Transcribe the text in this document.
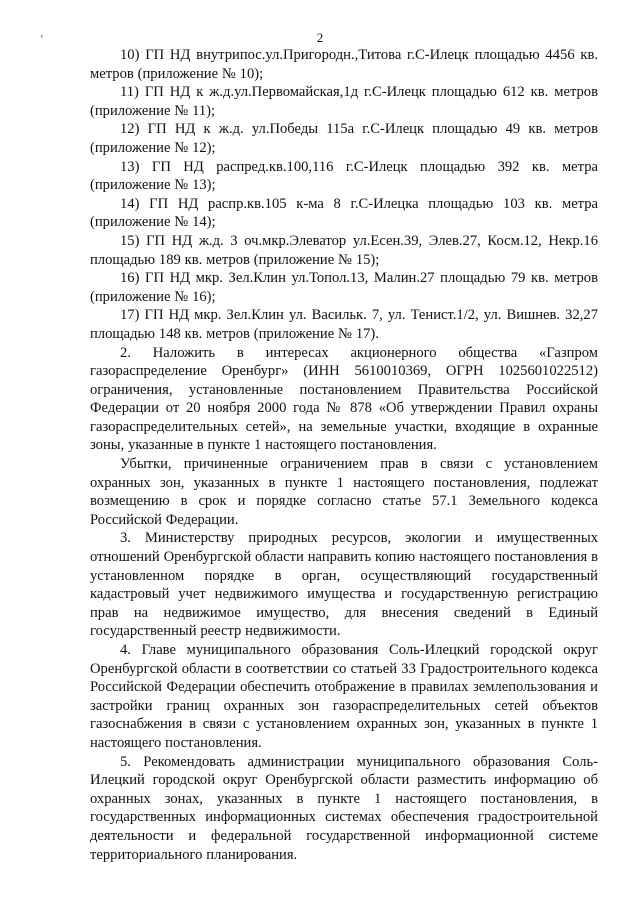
‘	2

10) ГП НД внутрипос.ул.Пригородн.,Титова г.С-Илецк площадью 4456 кв. метров (приложение № 10);

11) ГП НД к ж.д.ул.Первомайская,1д г.С-Илецк площадью 612 кв. метров (приложение № 11);

12) ГП НД к ж.д. ул.Победы 115а г.С-Илецк площадью 49 кв. метров (приложение № 12);

13) ГП НД распред.кв.100,116 г.С-Илецк площадью 392 кв. метра (приложение № 13);

14) ГП НД распр.кв.105 к-ма 8 г.С-Илецка площадью 103 кв. метра (приложение № 14);

15) ГП НД ж.д. 3 оч.мкр.Элеватор ул.Есен.39, Элев.27, Косм.12, Некр.16 площадью 189 кв. метров (приложение № 15);

16) ГП НД мкр. Зел.Клин ул.Топол.13, Малин.27 площадью 79 кв. метров (приложение № 16);

17) ГП НД мкр. Зел.Клин ул. Васильк. 7, ул. Тенист.1/2, ул. Вишнев. 32,27 площадью 148 кв. метров (приложение № 17).

2. Наложить в интересах акционерного общества «Газпром газораспределение Оренбург» (ИНН 5610010369, ОГРН 1025601022512) ограничения, установленные постановлением Правительства Российской Федерации от 20 ноября 2000 года № 878 «Об утверждении Правил охраны газораспределительных сетей», на земельные участки, входящие в охранные зоны, указанные в пункте 1 настоящего постановления.

Убытки, причиненные ограничением прав в связи с установлением охранных зон, указанных в пункте 1 настоящего постановления, подлежат возмещению в срок и порядке согласно статье 57.1 Земельного кодекса Российской Федерации.

3. Министерству природных ресурсов, экологии и имущественных отношений Оренбургской области направить копию настоящего постановления в установленном порядке в орган, осуществляющий государственный кадастровый учет недвижимого имущества и государственную регистрацию прав на недвижимое имущество, для внесения сведений в Единый государственный реестр недвижимости.

4. Главе муниципального образования Соль-Илецкий городской округ Оренбургской области в соответствии со статьей 33 Градостроительного кодекса Российской Федерации обеспечить отображение в правилах землепользования и застройки границ охранных зон газораспределительных сетей объектов газоснабжения в связи с установлением охранных зон, указанных в пункте 1 настоящего постановления.

5. Рекомендовать администрации муниципального образования Соль-Илецкий городской округ Оренбургской области разместить информацию об охранных зонах, указанных в пункте 1 настоящего постановления, в государственных информационных системах обеспечения градостроительной деятельности и федеральной государственной информационной системе территориального планирования.
